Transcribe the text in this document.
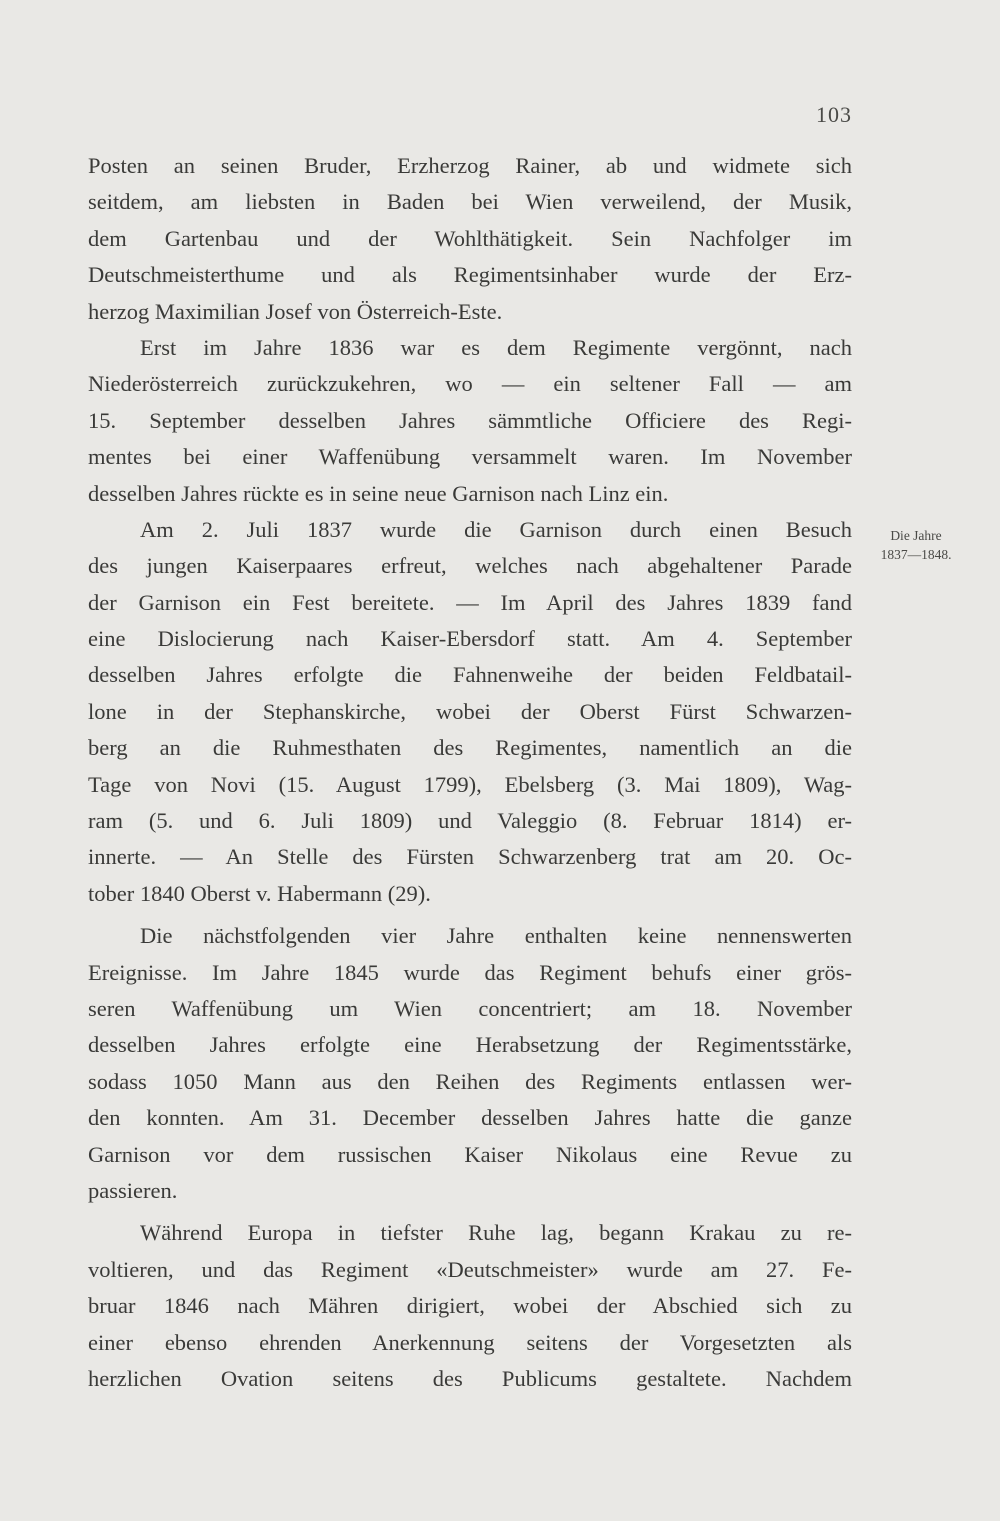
103
Die Jahre
1837—1848.
Posten an seinen Bruder, Erzherzog Rainer, ab und widmete sich
seitdem, am liebsten in Baden bei Wien verweilend, der Musik,
dem Gartenbau und der Wohlthätigkeit. Sein Nachfolger im
Deutschmeisterthume und als Regimentsinhaber wurde der Erz-
herzog Maximilian Josef von Österreich-Este.
Erst im Jahre 1836 war es dem Regimente vergönnt, nach
Niederösterreich zurückzukehren, wo — ein seltener Fall — am
15. September desselben Jahres sämmtliche Officiere des Regi-
mentes bei einer Waffenübung versammelt waren. Im November
desselben Jahres rückte es in seine neue Garnison nach Linz ein.
Am 2. Juli 1837 wurde die Garnison durch einen Besuch
des jungen Kaiserpaares erfreut, welches nach abgehaltener Parade
der Garnison ein Fest bereitete. — Im April des Jahres 1839 fand
eine Dislocierung nach Kaiser-Ebersdorf statt. Am 4. September
desselben Jahres erfolgte die Fahnenweihe der beiden Feldbatail-
lone in der Stephanskirche, wobei der Oberst Fürst Schwarzen-
berg an die Ruhmesthaten des Regimentes, namentlich an die
Tage von Novi (15. August 1799), Ebelsberg (3. Mai 1809), Wag-
ram (5. und 6. Juli 1809) und Valeggio (8. Februar 1814) er-
innerte. — An Stelle des Fürsten Schwarzenberg trat am 20. Oc-
tober 1840 Oberst v. Habermann (29).
Die nächstfolgenden vier Jahre enthalten keine nennenswerten
Ereignisse. Im Jahre 1845 wurde das Regiment behufs einer grös-
seren Waffenübung um Wien concentriert; am 18. November
desselben Jahres erfolgte eine Herabsetzung der Regimentsstärke,
sodass 1050 Mann aus den Reihen des Regiments entlassen wer-
den konnten. Am 31. December desselben Jahres hatte die ganze
Garnison vor dem russischen Kaiser Nikolaus eine Revue zu
passieren.
Während Europa in tiefster Ruhe lag, begann Krakau zu re-
voltieren, und das Regiment «Deutschmeister» wurde am 27. Fe-
bruar 1846 nach Mähren dirigiert, wobei der Abschied sich zu
einer ebenso ehrenden Anerkennung seitens der Vorgesetzten als
herzlichen Ovation seitens des Publicums gestaltete. Nachdem
